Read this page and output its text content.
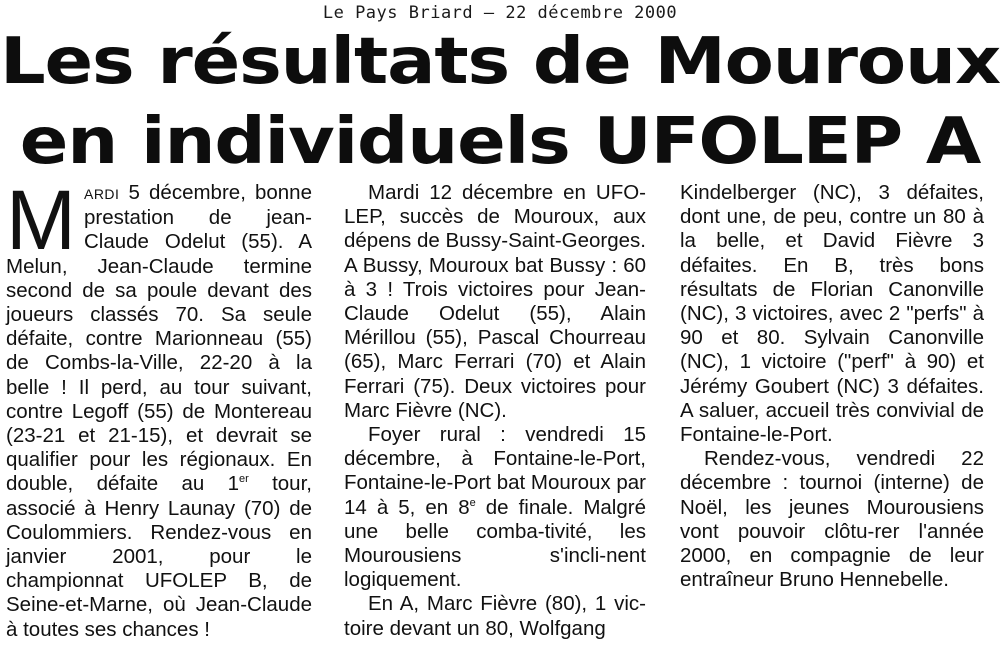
Le Pays Briard – 22 décembre 2000
Les résultats de Mouroux
en individuels UFOLEP A

MARDI 5 décembre, bonne prestation de jean-Claude Odelut (55). A Melun, Jean-Claude termine second de sa poule devant des joueurs classés 70. Sa seule défaite, contre Marionneau (55) de Combs-la-Ville, 22-20 à la belle ! Il perd, au tour suivant, contre Legoff (55) de Montereau (23-21 et 21-15), et devrait se qualifier pour les régionaux. En double, défaite au 1er tour, associé à Henry Launay (70) de Coulommiers. Rendez-vous en janvier 2001, pour le championnat UFOLEP B, de Seine-et-Marne, où Jean-Claude à toutes ses chances !

Mardi 12 décembre en UFO-LEP, succès de Mouroux, aux dépens de Bussy-Saint-Georges. A Bussy, Mouroux bat Bussy : 60 à 3 ! Trois victoires pour Jean-Claude Odelut (55), Alain Mérillou (55), Pascal Chourreau (65), Marc Ferrari (70) et Alain Ferrari (75). Deux victoires pour Marc Fièvre (NC).

Foyer rural : vendredi 15 décembre, à Fontaine-le-Port, Fontaine-le-Port bat Mouroux par 14 à 5, en 8e de finale. Malgré une belle comba-tivité, les Mourousiens s'incli-nent logiquement.

En A, Marc Fièvre (80), 1 vic-toire devant un 80, Wolfgang

Kindelberger (NC), 3 défaites, dont une, de peu, contre un 80 à la belle, et David Fièvre 3 défaites. En B, très bons résultats de Florian Canonville (NC), 3 victoires, avec 2 "perfs" à 90 et 80. Sylvain Canonville (NC), 1 victoire ("perf" à 90) et Jérémy Goubert (NC) 3 défaites. A saluer, accueil très convivial de Fontaine-le-Port.

Rendez-vous, vendredi 22 décembre : tournoi (interne) de Noël, les jeunes Mourousiens vont pouvoir clôtu-rer l'année 2000, en compagnie de leur entraîneur Bruno Hennebelle.
